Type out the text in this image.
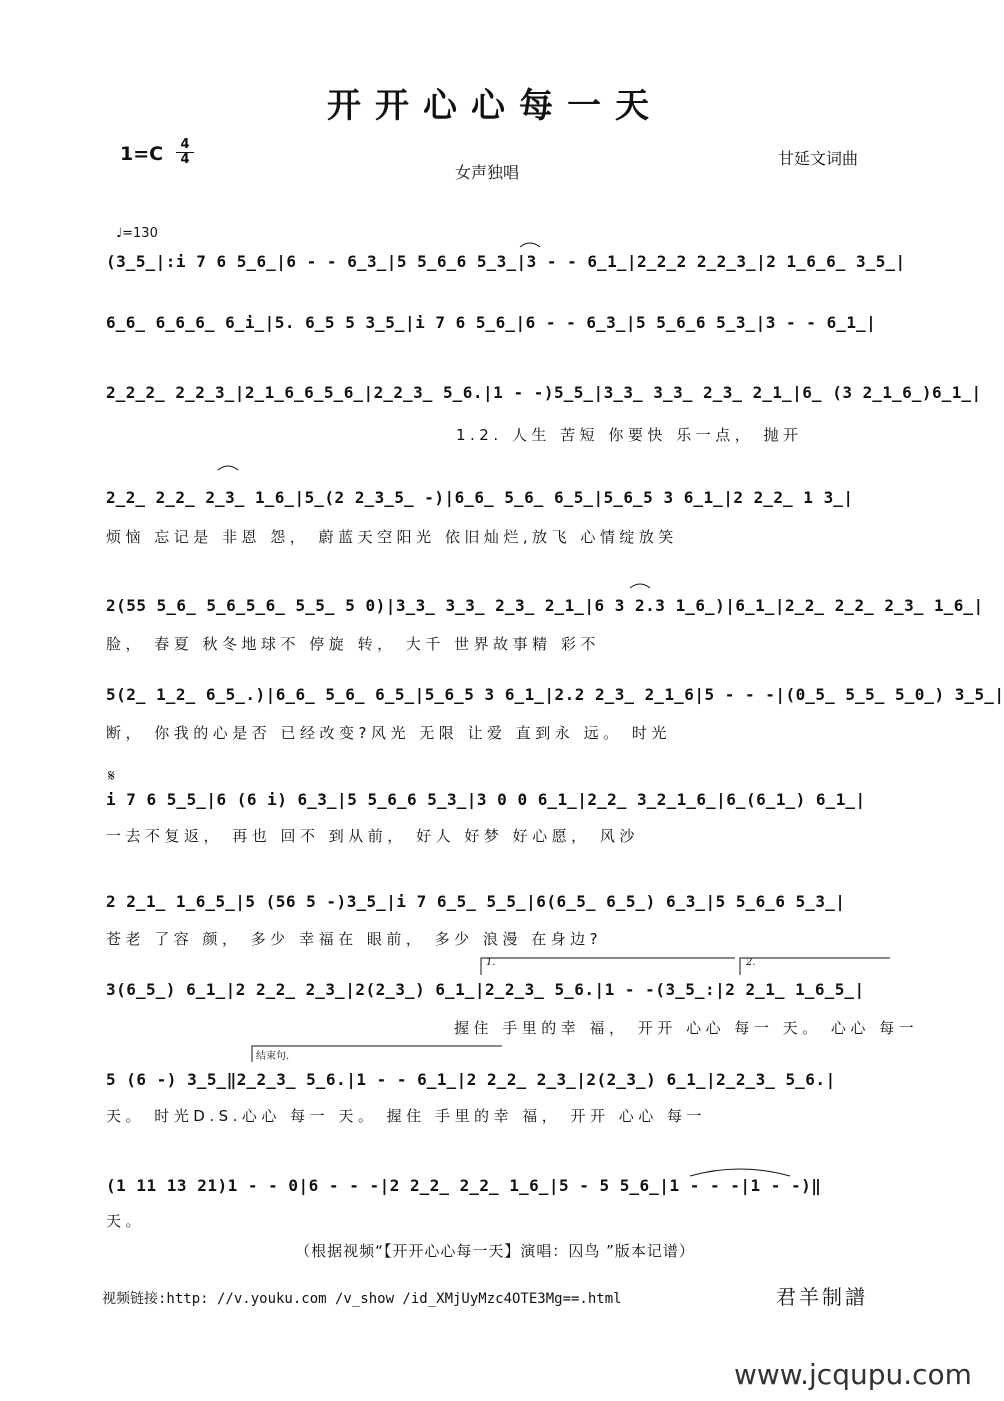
开开心心每一天
1=C	4
4
女声独唱
甘延文词曲
♩=130
(3̲5̲|:i 7 6 5̲6̲|6 - - 6̲3̲|5 5̲6̲6 5̲3̲|3 - - 6̲1̲|2̲2̲2 2̲2̲3̲|2 1̲6̲6̲ 3̲5̲|
6̲6̲ 6̲6̲6̲ 6̲i̲|5. 6̲5 5 3̲5̲|i 7 6 5̲6̲|6 - - 6̲3̲|5 5̲6̲6 5̲3̲|3 - - 6̲1̲|
2̲2̲2̲ 2̲2̲3̲|2̲1̲6̲6̲5̲6̲|2̲2̲3̲ 5̲6.|1 - -)5̲5̲|3̲3̲ 3̲3̲ 2̲3̲ 2̲1̲|6̲ (3 2̲1̲6̲)6̲1̲|
1.2. 人生 苦短 你要快 乐一点， 抛开
2̲2̲ 2̲2̲ 2̲3̲ 1̲6̲|5̲(2 2̲3̲5̲ -)|6̲6̲ 5̲6̲ 6̲5̲|5̲6̲5 3 6̲1̲|2 2̲2̲ 1 3̲|
烦恼 忘记是 非恩 怨， 蔚蓝天空阳光 依旧灿烂,放飞 心情绽放笑
2(55 5̲6̲ 5̲6̲5̲6̲ 5̲5̲ 5 0)|3̲3̲ 3̲3̲ 2̲3̲ 2̲1̲|6 3 2.3 1̲6̲)|6̲1̲|2̲2̲ 2̲2̲ 2̲3̲ 1̲6̲|
脸， 春夏 秋冬地球不 停旋 转， 大千 世界故事精 彩不
5(2̲ 1̲2̲ 6̲5̲.)|6̲6̲ 5̲6̲ 6̲5̲|5̲6̲5 3 6̲1̲|2.2 2̲3̲ 2̲1̲6|5 - - -|(0̲5̲ 5̲5̲ 5̲0̲) 3̲5̲|
断， 你我的心是否 已经改变?风光 无限 让爱 直到永 远。 时光
𝄋
i 7 6 5̲5̲|6 (6 i) 6̲3̲|5 5̲6̲6 5̲3̲|3 0 0 6̲1̲|2̲2̲ 3̲2̲1̲6̲|6̲(6̲1̲) 6̲1̲|
一去不复返， 再也 回不 到从前， 好人 好梦 好心愿， 风沙
2 2̲1̲ 1̲6̲5̲|5 (56 5 -)3̲5̲|i 7 6̲5̲ 5̲5̲|6(6̲5̲ 6̲5̲) 6̲3̲|5 5̲6̲6 5̲3̲|
苍老 了容 颜， 多少 幸福在 眼前， 多少 浪漫 在身边?
1.	2.
3(6̲5̲) 6̲1̲|2 2̲2̲ 2̲3̲|2(2̲3̲) 6̲1̲|2̲2̲3̲ 5̲6.|1 - -(3̲5̲:|2 2̲1̲ 1̲6̲5̲|
握住 手里的幸 福， 开开 心心 每一 天。 心心 每一
结束句.
5 (6 -) 3̲5̲‖2̲2̲3̲ 5̲6.|1 - - 6̲1̲|2 2̲2̲ 2̲3̲|2(2̲3̲) 6̲1̲|2̲2̲3̲ 5̲6.|
天。 时光D.S.心心 每一 天。 握住 手里的幸 福， 开开 心心 每一
(1 11 13 21)1 - - 0|6 - - -|2 2̲2̲ 2̲2̲ 1̲6̲|5 - 5 5̲6̲|1 - - -|1 - -)‖
天。
（根据视频“【开开心心每一天】演唱：囚鸟 ”版本记谱）
视频链接:http: //v.youku.com /v_show /id_XMjUyMzc4OTE3Mg==.html	君羊制譜
www.jcqupu.com
